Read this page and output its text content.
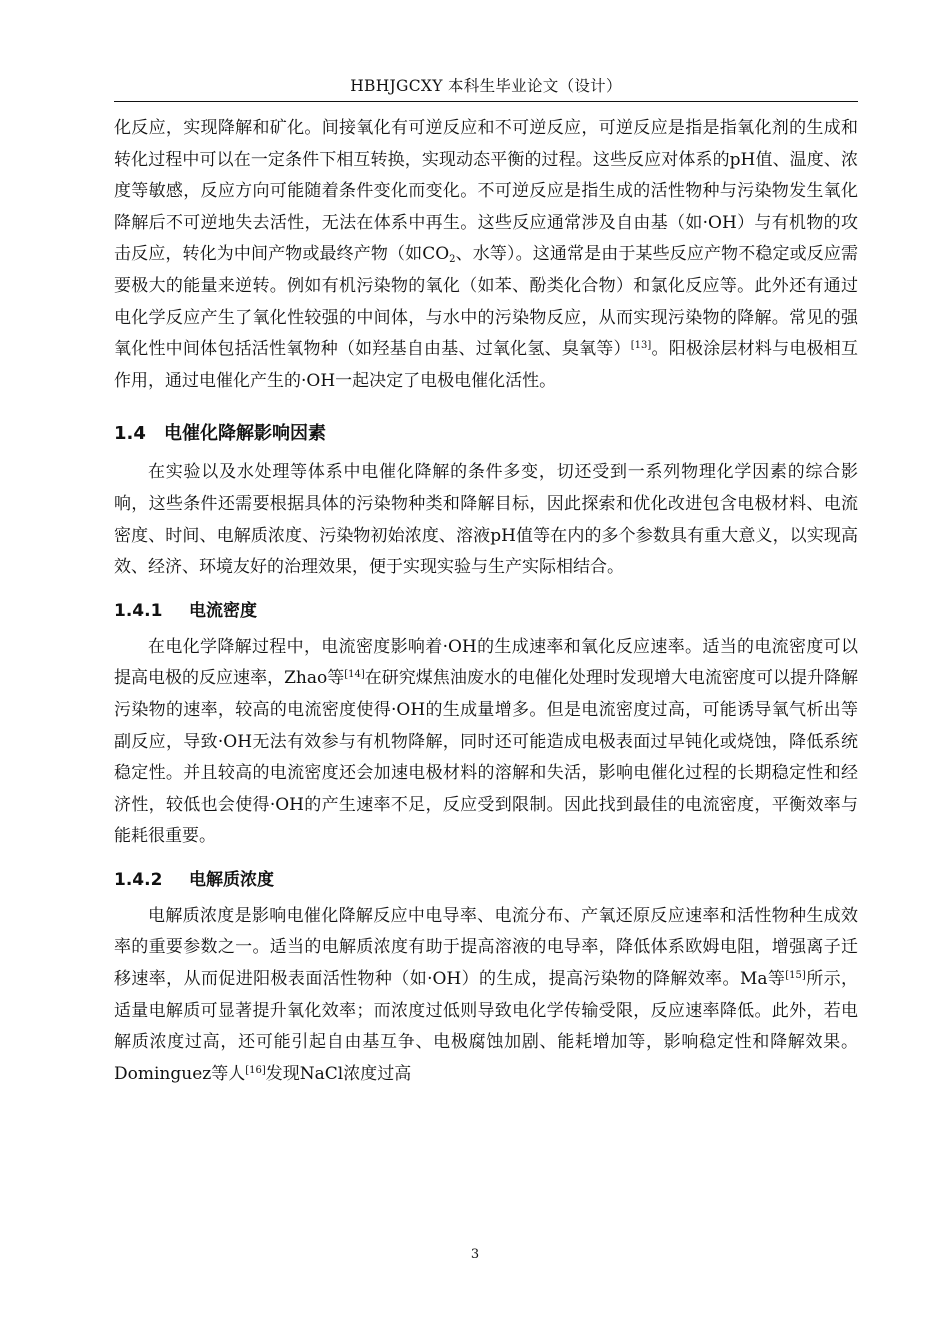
HBHJGCXY 本科生毕业论文（设计）

化反应，实现降解和矿化。间接氧化有可逆反应和不可逆反应，可逆反应是指是指氧化剂的生成和转化过程中可以在一定条件下相互转换，实现动态平衡的过程。这些反应对体系的pH值、温度、浓度等敏感，反应方向可能随着条件变化而变化。不可逆反应是指生成的活性物种与污染物发生氧化降解后不可逆地失去活性，无法在体系中再生。这些反应通常涉及自由基（如·OH）与有机物的攻击反应，转化为中间产物或最终产物（如$CO_2$、水等）。这通常是由于某些反应产物不稳定或反应需要极大的能量来逆转。例如有机污染物的氧化（如苯、酚类化合物）和氯化反应等。此外还有通过电化学反应产生了氧化性较强的中间体，与水中的污染物反应，从而实现污染物的降解。常见的强氧化性中间体包括活性氧物种（如羟基自由基、过氧化氢、臭氧等）[13]。阳极涂层材料与电极相互作用，通过电催化产生的·OH一起决定了电极电催化活性。

1.4	电催化降解影响因素

在实验以及水处理等体系中电催化降解的条件多变，切还受到一系列物理化学因素的综合影响，这些条件还需要根据具体的污染物种类和降解目标，因此探索和优化改进包含电极材料、电流密度、时间、电解质浓度、污染物初始浓度、溶液pH值等在内的多个参数具有重大意义，以实现高效、经济、环境友好的治理效果，便于实现实验与生产实际相结合。

1.4.1	电流密度

在电化学降解过程中，电流密度影响着·OH的生成速率和氧化反应速率。适当的电流密度可以提高电极的反应速率，Zhao等[14]在研究煤焦油废水的电催化处理时发现增大电流密度可以提升降解污染物的速率，较高的电流密度使得·OH的生成量增多。但是电流密度过高，可能诱导氧气析出等副反应，导致·OH无法有效参与有机物降解，同时还可能造成电极表面过早钝化或烧蚀，降低系统稳定性。并且较高的电流密度还会加速电极材料的溶解和失活，影响电催化过程的长期稳定性和经济性，较低也会使得·OH的产生速率不足，反应受到限制。因此找到最佳的电流密度，平衡效率与能耗很重要。

1.4.2	电解质浓度

电解质浓度是影响电催化降解反应中电导率、电流分布、产氧还原反应速率和活性物种生成效率的重要参数之一。适当的电解质浓度有助于提高溶液的电导率，降低体系欧姆电阻，增强离子迁移速率，从而促进阳极表面活性物种（如·OH）的生成，提高污染物的降解效率。Ma等[15]所示，适量电解质可显著提升氧化效率；而浓度过低则导致电化学传输受限，反应速率降低。此外，若电解质浓度过高，还可能引起自由基互争、电极腐蚀加剧、能耗增加等，影响稳定性和降解效果。Dominguez等人[16]发现NaCl浓度过高

3
